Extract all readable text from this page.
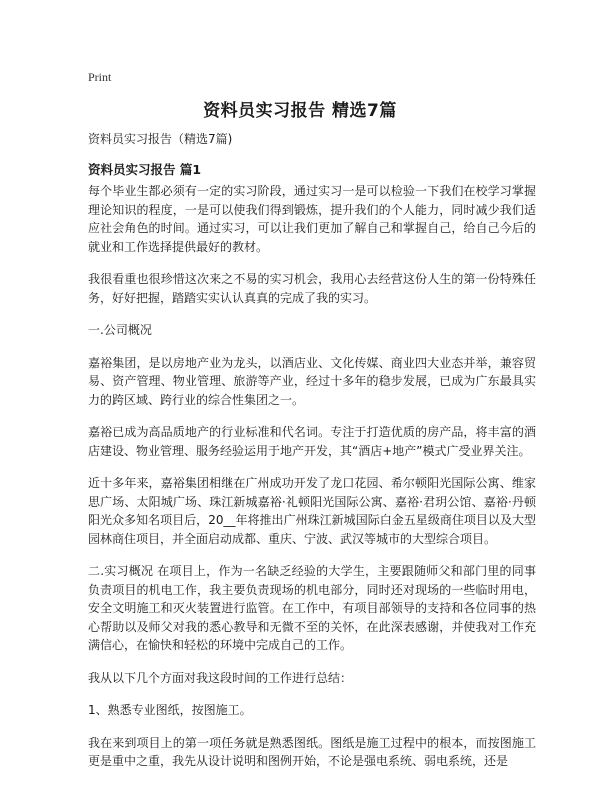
Print
资料员实习报告 精选7篇
资料员实习报告（精选7篇)
资料员实习报告 篇1

每个毕业生都必须有一定的实习阶段，通过实习一是可以检验一下我们在校学习掌握理论知识的程度，一是可以使我们得到锻炼，提升我们的个人能力，同时减少我们适应社会角色的时间。通过实习，可以让我们更加了解自己和掌握自己，给自己今后的就业和工作选择提供最好的教材。

我很看重也很珍惜这次来之不易的实习机会，我用心去经营这份人生的第一份特殊任务，好好把握，踏踏实实认认真真的完成了我的实习。

一.公司概况

嘉裕集团，是以房地产业为龙头，以酒店业、文化传媒、商业四大业态并举，兼容贸易、资产管理、物业管理、旅游等产业，经过十多年的稳步发展，已成为广东最具实力的跨区域、跨行业的综合性集团之一。

嘉裕已成为高品质地产的行业标准和代名词。专注于打造优质的房产品，将丰富的酒店建设、物业管理、服务经验运用于地产开发，其“酒店+地产”模式广受业界关注。

近十多年来，嘉裕集团相继在广州成功开发了龙口花园、希尔顿阳光国际公寓、维家思广场、太阳城广场、珠江新城嘉裕·礼顿阳光国际公寓、嘉裕·君玥公馆、嘉裕·丹顿阳光众多知名项目后，20__年将推出广州珠江新城国际白金五星级商住项目以及大型园林商住项目，并全面启动成都、重庆、宁波、武汉等城市的大型综合项目。

二.实习概况 在项目上，作为一名缺乏经验的大学生，主要跟随师父和部门里的同事负责项目的机电工作，我主要负责现场的机电部分，同时还对现场的一些临时用电，安全文明施工和灭火装置进行监管。在工作中，有项目部领导的支持和各位同事的热心帮助以及师父对我的悉心教导和无微不至的关怀，在此深表感谢，并使我对工作充满信心，在愉快和轻松的环境中完成自己的工作。

我从以下几个方面对我这段时间的工作进行总结：

1、熟悉专业图纸，按图施工。

我在来到项目上的第一项任务就是熟悉图纸。图纸是施工过程中的根本，而按图施工更是重中之重，我先从设计说明和图例开始，不论是强电系统、弱电系统，还是
